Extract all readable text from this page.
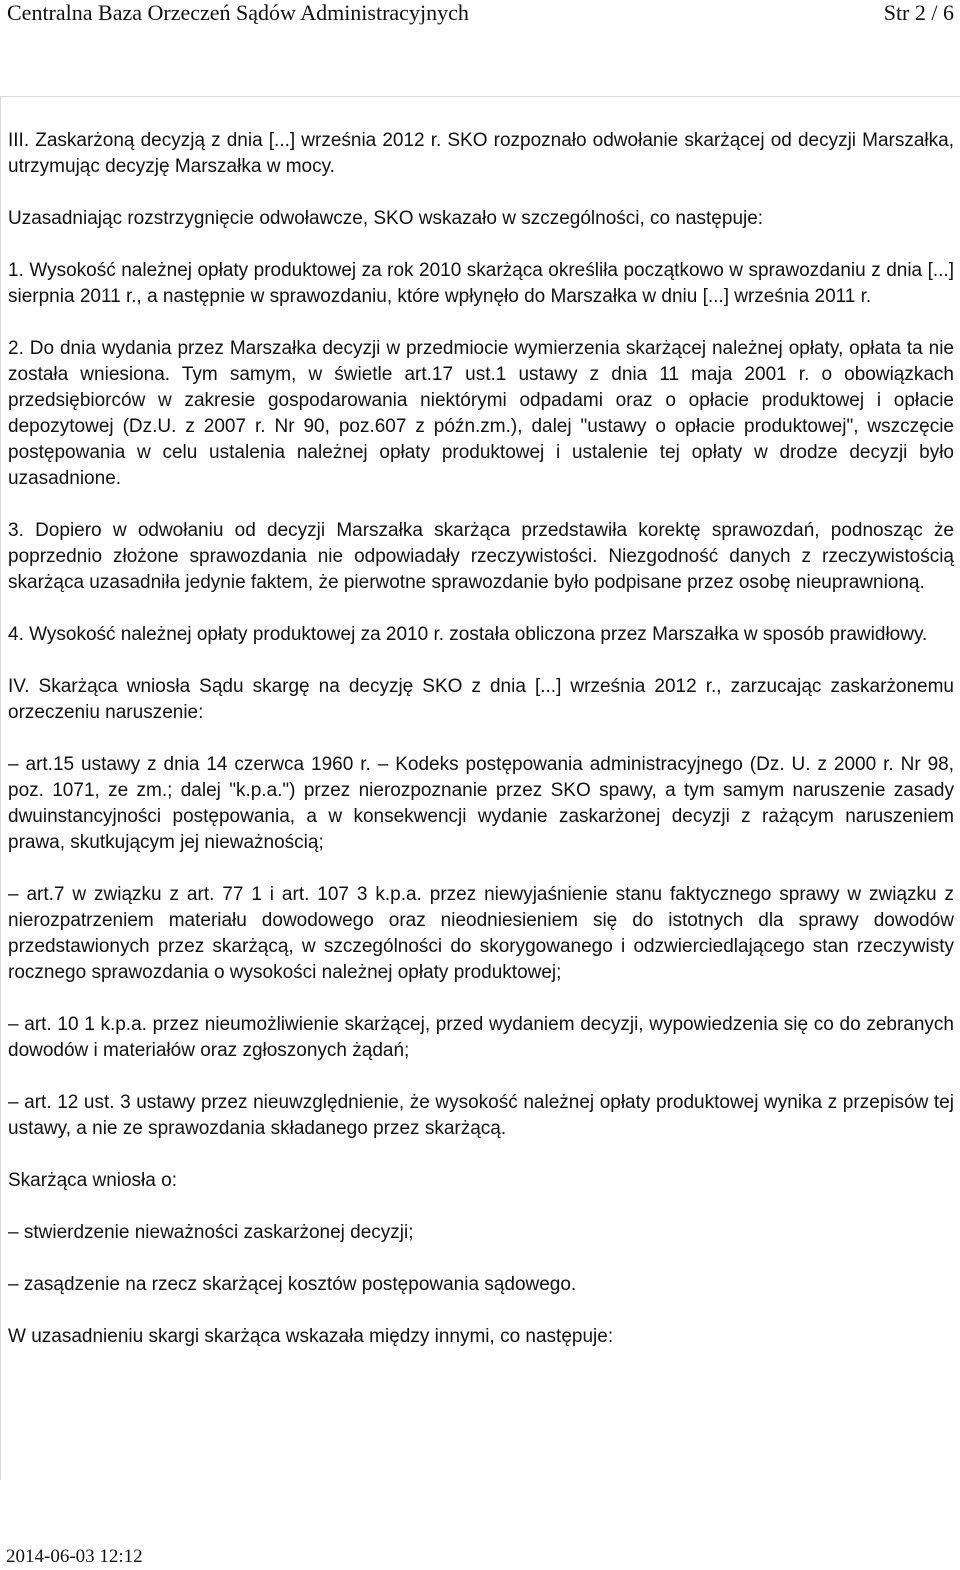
Centralna Baza Orzeczeń Sądów Administracyjnych	Str 2 / 6

III. Zaskarżoną decyzją z dnia [...] września 2012 r. SKO rozpoznało odwołanie skarżącej od decyzji Marszałka, utrzymując decyzję Marszałka w mocy.

Uzasadniając rozstrzygnięcie odwoławcze, SKO wskazało w szczególności, co następuje:

1. Wysokość należnej opłaty produktowej za rok 2010 skarżąca określiła początkowo w sprawozdaniu z dnia [...] sierpnia 2011 r., a następnie w sprawozdaniu, które wpłynęło do Marszałka w dniu [...] września 2011 r.

2. Do dnia wydania przez Marszałka decyzji w przedmiocie wymierzenia skarżącej należnej opłaty, opłata ta nie została wniesiona. Tym samym, w świetle art.17 ust.1 ustawy z dnia 11 maja 2001 r. o obowiązkach przedsiębiorców w zakresie gospodarowania niektórymi odpadami oraz o opłacie produktowej i opłacie depozytowej (Dz.U. z 2007 r. Nr 90, poz.607 z późn.zm.), dalej "ustawy o opłacie produktowej", wszczęcie postępowania w celu ustalenia należnej opłaty produktowej i ustalenie tej opłaty w drodze decyzji było uzasadnione.

3. Dopiero w odwołaniu od decyzji Marszałka skarżąca przedstawiła korektę sprawozdań, podnosząc że poprzednio złożone sprawozdania nie odpowiadały rzeczywistości. Niezgodność danych z rzeczywistością skarżąca uzasadniła jedynie faktem, że pierwotne sprawozdanie było podpisane przez osobę nieuprawnioną.

4. Wysokość należnej opłaty produktowej za 2010 r. została obliczona przez Marszałka w sposób prawidłowy.

IV. Skarżąca wniosła Sądu skargę na decyzję SKO z dnia [...] września 2012 r., zarzucając zaskarżonemu orzeczeniu naruszenie:

– art.15 ustawy z dnia 14 czerwca 1960 r. – Kodeks postępowania administracyjnego (Dz. U. z 2000 r. Nr 98, poz. 1071, ze zm.; dalej "k.p.a.") przez nierozpoznanie przez SKO spawy, a tym samym naruszenie zasady dwuinstancyjności postępowania, a w konsekwencji wydanie zaskarżonej decyzji z rażącym naruszeniem prawa, skutkującym jej nieważnością;

– art.7 w związku z art. 77 1 i art. 107 3 k.p.a. przez niewyjaśnienie stanu faktycznego sprawy w związku z nierozpatrzeniem materiału dowodowego oraz nieodniesieniem się do istotnych dla sprawy dowodów przedstawionych przez skarżącą, w szczególności do skorygowanego i odzwierciedlającego stan rzeczywisty rocznego sprawozdania o wysokości należnej opłaty produktowej;

– art. 10 1 k.p.a. przez nieumożliwienie skarżącej, przed wydaniem decyzji, wypowiedzenia się co do zebranych dowodów i materiałów oraz zgłoszonych żądań;

– art. 12 ust. 3 ustawy przez nieuwzględnienie, że wysokość należnej opłaty produktowej wynika z przepisów tej ustawy, a nie ze sprawozdania składanego przez skarżącą.

Skarżąca wniosła o:

– stwierdzenie nieważności zaskarżonej decyzji;

– zasądzenie na rzecz skarżącej kosztów postępowania sądowego.

W uzasadnieniu skargi skarżąca wskazała między innymi, co następuje:

2014-06-03 12:12
